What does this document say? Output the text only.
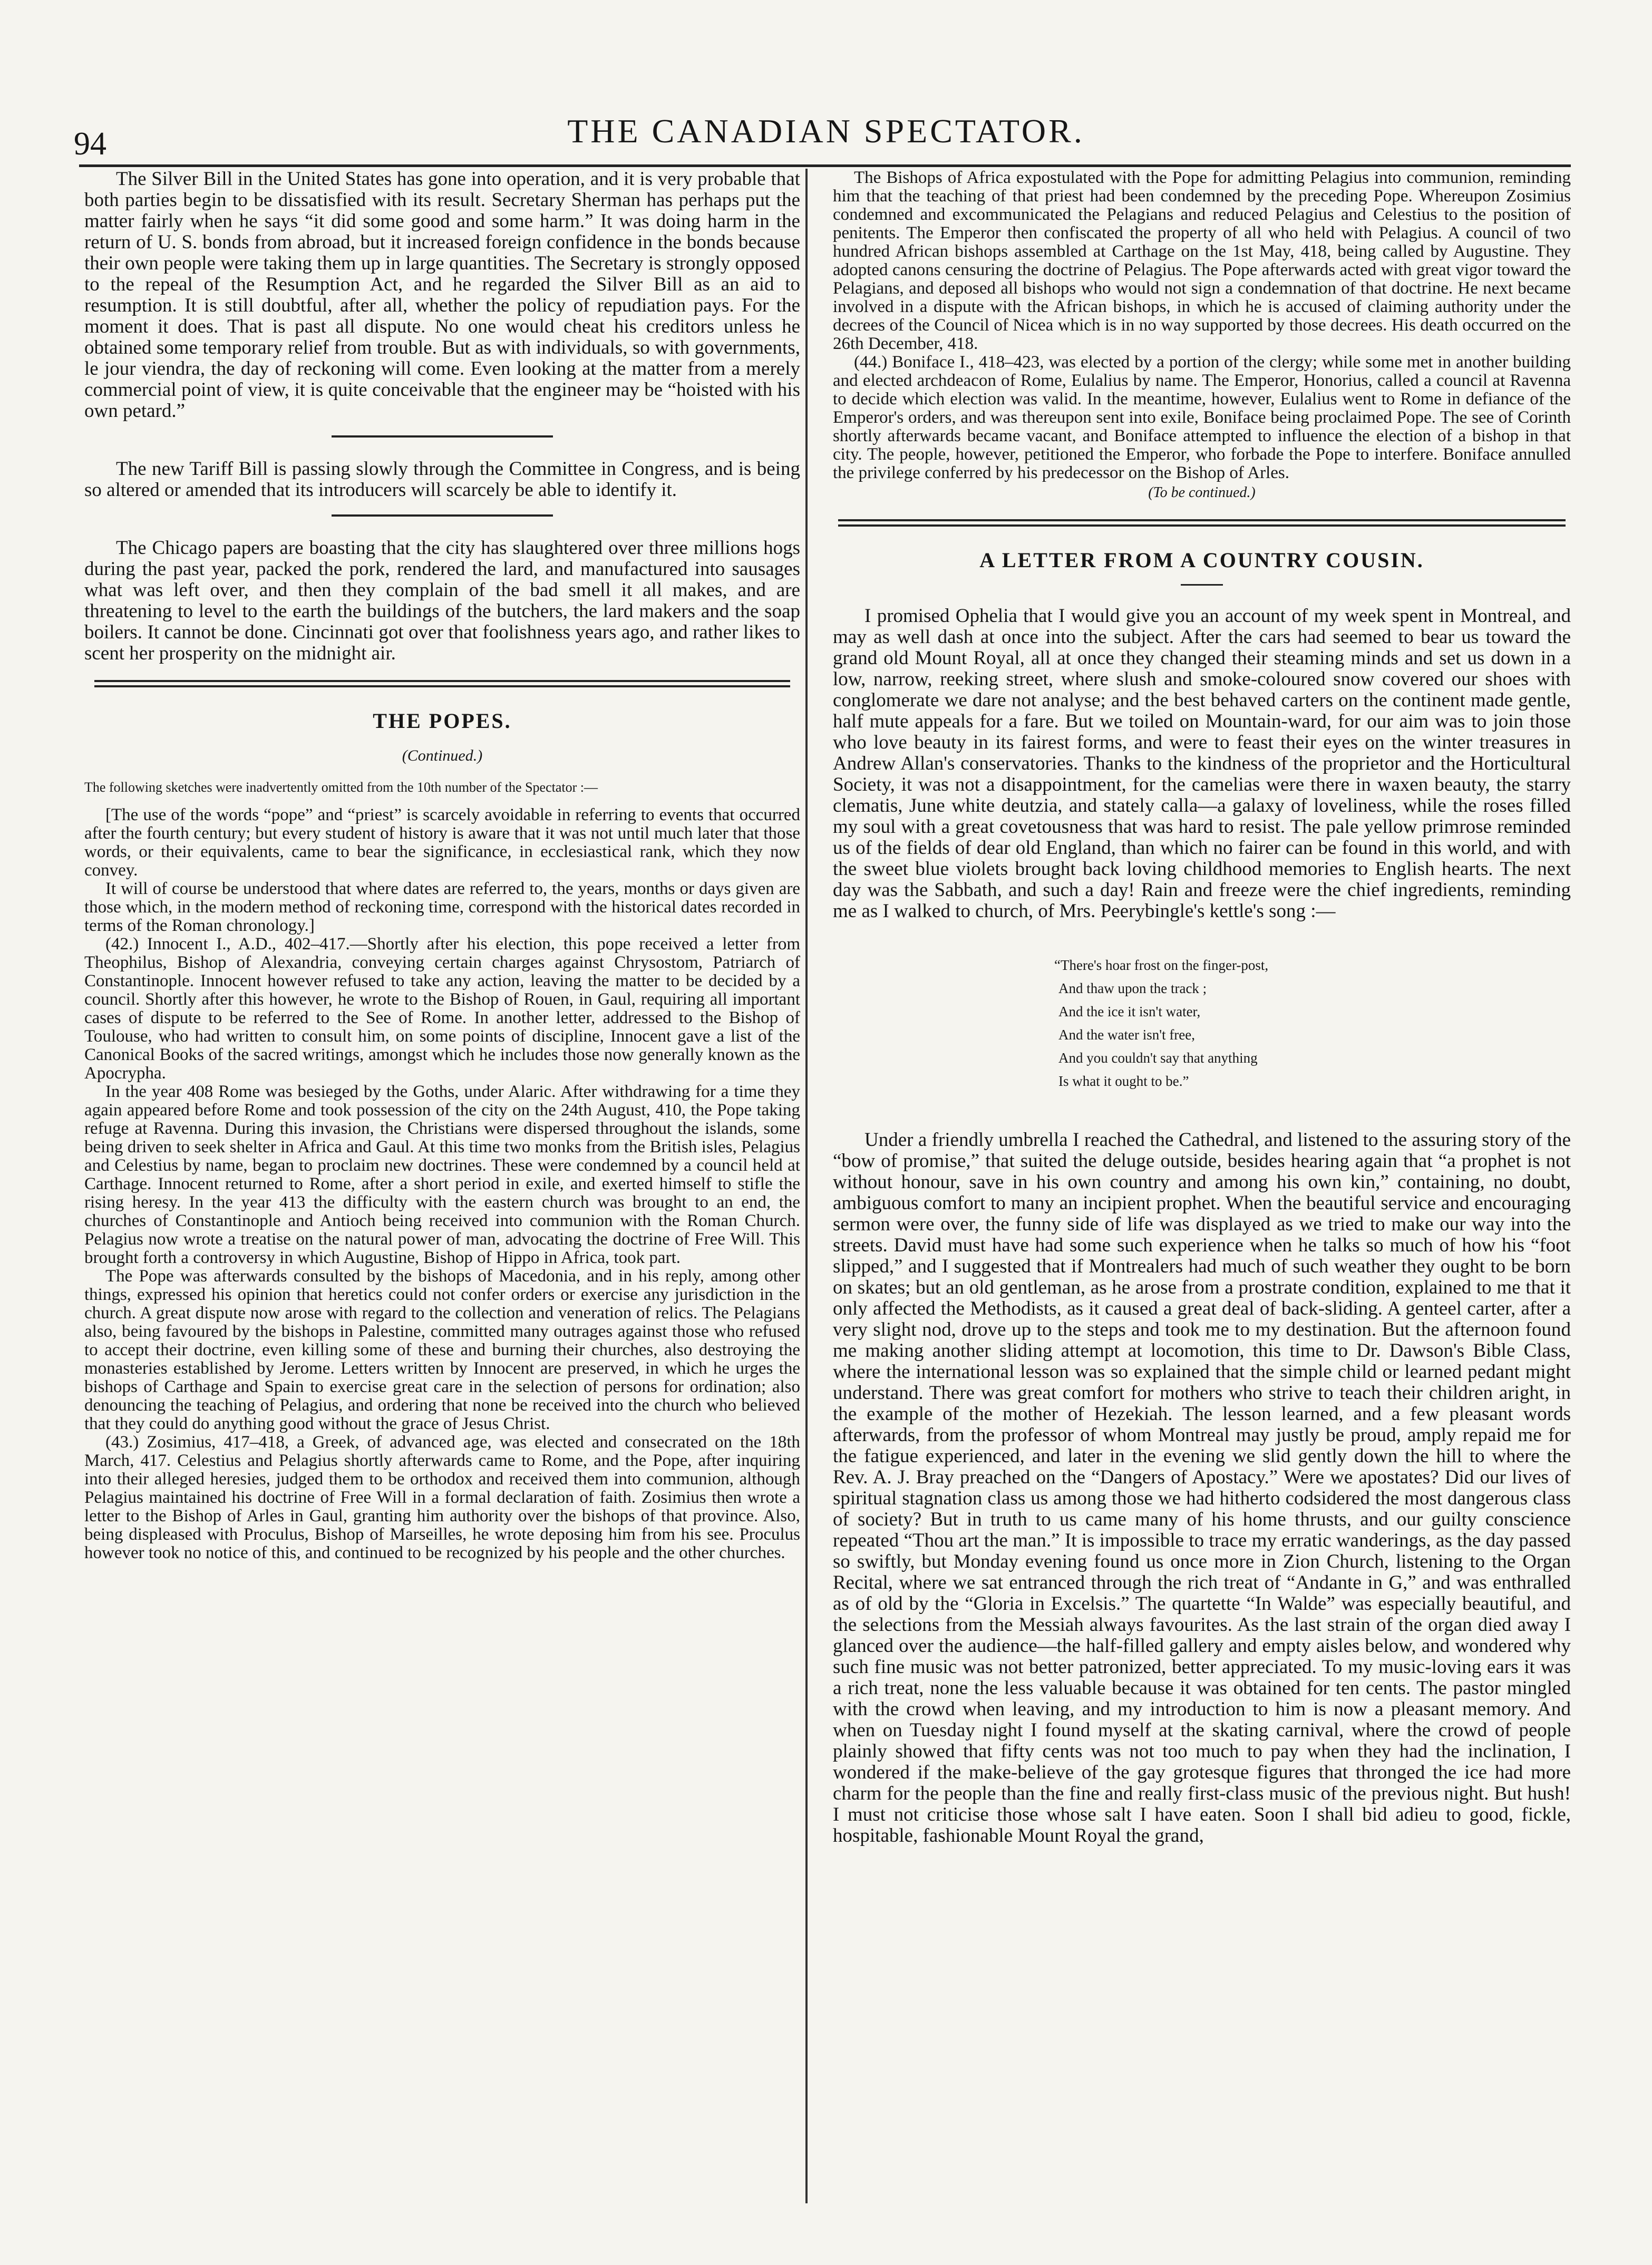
94	THE CANADIAN SPECTATOR.

The Silver Bill in the United States has gone into operation, and it is very probable that both parties begin to be dissatisfied with its result. Secretary Sherman has perhaps put the matter fairly when he says “it did some good and some harm.” It was doing harm in the return of U. S. bonds from abroad, but it increased foreign confidence in the bonds because their own people were taking them up in large quantities. The Secretary is strongly opposed to the repeal of the Resumption Act, and he regarded the Silver Bill as an aid to resumption. It is still doubtful, after all, whether the policy of repudiation pays. For the moment it does. That is past all dispute. No one would cheat his creditors unless he obtained some temporary relief from trouble. But as with individuals, so with governments, le jour viendra, the day of reckoning will come. Even looking at the matter from a merely commercial point of view, it is quite conceivable that the engineer may be “hoisted with his own petard.”

The new Tariff Bill is passing slowly through the Committee in Congress, and is being so altered or amended that its introducers will scarcely be able to identify it.

The Chicago papers are boasting that the city has slaughtered over three millions hogs during the past year, packed the pork, rendered the lard, and manufactured into sausages what was left over, and then they complain of the bad smell it all makes, and are threatening to level to the earth the buildings of the butchers, the lard makers and the soap boilers. It cannot be done. Cincinnati got over that foolishness years ago, and rather likes to scent her prosperity on the midnight air.

THE POPES.
(Continued.)
The following sketches were inadvertently omitted from the 10th number of the Spectator :—

[The use of the words “pope” and “priest” is scarcely avoidable in referring to events that occurred after the fourth century; but every student of history is aware that it was not until much later that those words, or their equivalents, came to bear the significance, in ecclesiastical rank, which they now convey.

It will of course be understood that where dates are referred to, the years, months or days given are those which, in the modern method of reckoning time, correspond with the historical dates recorded in terms of the Roman chronology.]

(42.) Innocent I., A.D., 402–417.—Shortly after his election, this pope received a letter from Theophilus, Bishop of Alexandria, conveying certain charges against Chrysostom, Patriarch of Constantinople. Innocent however refused to take any action, leaving the matter to be decided by a council. Shortly after this however, he wrote to the Bishop of Rouen, in Gaul, requiring all important cases of dispute to be referred to the See of Rome. In another letter, addressed to the Bishop of Toulouse, who had written to consult him, on some points of discipline, Innocent gave a list of the Canonical Books of the sacred writings, amongst which he includes those now generally known as the Apocrypha.

In the year 408 Rome was besieged by the Goths, under Alaric. After withdrawing for a time they again appeared before Rome and took possession of the city on the 24th August, 410, the Pope taking refuge at Ravenna. During this invasion, the Christians were dispersed throughout the islands, some being driven to seek shelter in Africa and Gaul. At this time two monks from the British isles, Pelagius and Celestius by name, began to proclaim new doctrines. These were condemned by a council held at Carthage. Innocent returned to Rome, after a short period in exile, and exerted himself to stifle the rising heresy. In the year 413 the difficulty with the eastern church was brought to an end, the churches of Constantinople and Antioch being received into communion with the Roman Church. Pelagius now wrote a treatise on the natural power of man, advocating the doctrine of Free Will. This brought forth a controversy in which Augustine, Bishop of Hippo in Africa, took part.

The Pope was afterwards consulted by the bishops of Macedonia, and in his reply, among other things, expressed his opinion that heretics could not confer orders or exercise any jurisdiction in the church. A great dispute now arose with regard to the collection and veneration of relics. The Pelagians also, being favoured by the bishops in Palestine, committed many outrages against those who refused to accept their doctrine, even killing some of these and burning their churches, also destroying the monasteries established by Jerome. Letters written by Innocent are preserved, in which he urges the bishops of Carthage and Spain to exercise great care in the selection of persons for ordination; also denouncing the teaching of Pelagius, and ordering that none be received into the church who believed that they could do anything good without the grace of Jesus Christ.

(43.) Zosimius, 417–418, a Greek, of advanced age, was elected and consecrated on the 18th March, 417. Celestius and Pelagius shortly afterwards came to Rome, and the Pope, after inquiring into their alleged heresies, judged them to be orthodox and received them into communion, although Pelagius maintained his doctrine of Free Will in a formal declaration of faith. Zosimius then wrote a letter to the Bishop of Arles in Gaul, granting him authority over the bishops of that province. Also, being displeased with Proculus, Bishop of Marseilles, he wrote deposing him from his see. Proculus however took no notice of this, and continued to be recognized by his people and the other churches.

The Bishops of Africa expostulated with the Pope for admitting Pelagius into communion, reminding him that the teaching of that priest had been condemned by the preceding Pope. Whereupon Zosimius condemned and excommunicated the Pelagians and reduced Pelagius and Celestius to the position of penitents. The Emperor then confiscated the property of all who held with Pelagius. A council of two hundred African bishops assembled at Carthage on the 1st May, 418, being called by Augustine. They adopted canons censuring the doctrine of Pelagius. The Pope afterwards acted with great vigor toward the Pelagians, and deposed all bishops who would not sign a condemnation of that doctrine. He next became involved in a dispute with the African bishops, in which he is accused of claiming authority under the decrees of the Council of Nicea which is in no way supported by those decrees. His death occurred on the 26th December, 418.

(44.) Boniface I., 418–423, was elected by a portion of the clergy; while some met in another building and elected archdeacon of Rome, Eulalius by name. The Emperor, Honorius, called a council at Ravenna to decide which election was valid. In the meantime, however, Eulalius went to Rome in defiance of the Emperor's orders, and was thereupon sent into exile, Boniface being proclaimed Pope. The see of Corinth shortly afterwards became vacant, and Boniface attempted to influence the election of a bishop in that city. The people, however, petitioned the Emperor, who forbade the Pope to interfere. Boniface annulled the privilege conferred by his predecessor on the Bishop of Arles.

(To be continued.)
A LETTER FROM A COUNTRY COUSIN.

I promised Ophelia that I would give you an account of my week spent in Montreal, and may as well dash at once into the subject. After the cars had seemed to bear us toward the grand old Mount Royal, all at once they changed their steaming minds and set us down in a low, narrow, reeking street, where slush and smoke-coloured snow covered our shoes with conglomerate we dare not analyse; and the best behaved carters on the continent made gentle, half mute appeals for a fare. But we toiled on Mountain-ward, for our aim was to join those who love beauty in its fairest forms, and were to feast their eyes on the winter treasures in Andrew Allan's conservatories. Thanks to the kindness of the proprietor and the Horticultural Society, it was not a disappointment, for the camelias were there in waxen beauty, the starry clematis, June white deutzia, and stately calla—a galaxy of loveliness, while the roses filled my soul with a great covetousness that was hard to resist. The pale yellow primrose reminded us of the fields of dear old England, than which no fairer can be found in this world, and with the sweet blue violets brought back loving childhood memories to English hearts. The next day was the Sabbath, and such a day! Rain and freeze were the chief ingredients, reminding me as I walked to church, of Mrs. Peerybingle's kettle's song :—

“There's hoar frost on the finger-post,
And thaw upon the track ;
And the ice it isn't water,
And the water isn't free,
And you couldn't say that anything
Is what it ought to be.”

Under a friendly umbrella I reached the Cathedral, and listened to the assuring story of the “bow of promise,” that suited the deluge outside, besides hearing again that “a prophet is not without honour, save in his own country and among his own kin,” containing, no doubt, ambiguous comfort to many an incipient prophet. When the beautiful service and encouraging sermon were over, the funny side of life was displayed as we tried to make our way into the streets. David must have had some such experience when he talks so much of how his “foot slipped,” and I suggested that if Montrealers had much of such weather they ought to be born on skates; but an old gentleman, as he arose from a prostrate condition, explained to me that it only affected the Methodists, as it caused a great deal of back-sliding. A genteel carter, after a very slight nod, drove up to the steps and took me to my destination. But the afternoon found me making another sliding attempt at locomotion, this time to Dr. Dawson's Bible Class, where the international lesson was so explained that the simple child or learned pedant might understand. There was great comfort for mothers who strive to teach their children aright, in the example of the mother of Hezekiah. The lesson learned, and a few pleasant words afterwards, from the professor of whom Montreal may justly be proud, amply repaid me for the fatigue experienced, and later in the evening we slid gently down the hill to where the Rev. A. J. Bray preached on the “Dangers of Apostacy.” Were we apostates? Did our lives of spiritual stagnation class us among those we had hitherto codsidered the most dangerous class of society? But in truth to us came many of his home thrusts, and our guilty conscience repeated “Thou art the man.” It is impossible to trace my erratic wanderings, as the day passed so swiftly, but Monday evening found us once more in Zion Church, listening to the Organ Recital, where we sat entranced through the rich treat of “Andante in G,” and was enthralled as of old by the “Gloria in Excelsis.” The quartette “In Walde” was especially beautiful, and the selections from the Messiah always favourites. As the last strain of the organ died away I glanced over the audience—the half-filled gallery and empty aisles below, and wondered why such fine music was not better patronized, better appreciated. To my music-loving ears it was a rich treat, none the less valuable because it was obtained for ten cents. The pastor mingled with the crowd when leaving, and my introduction to him is now a pleasant memory. And when on Tuesday night I found myself at the skating carnival, where the crowd of people plainly showed that fifty cents was not too much to pay when they had the inclination, I wondered if the make-believe of the gay grotesque figures that thronged the ice had more charm for the people than the fine and really first-class music of the previous night. But hush! I must not criticise those whose salt I have eaten. Soon I shall bid adieu to good, fickle, hospitable, fashionable Mount Royal the grand,
